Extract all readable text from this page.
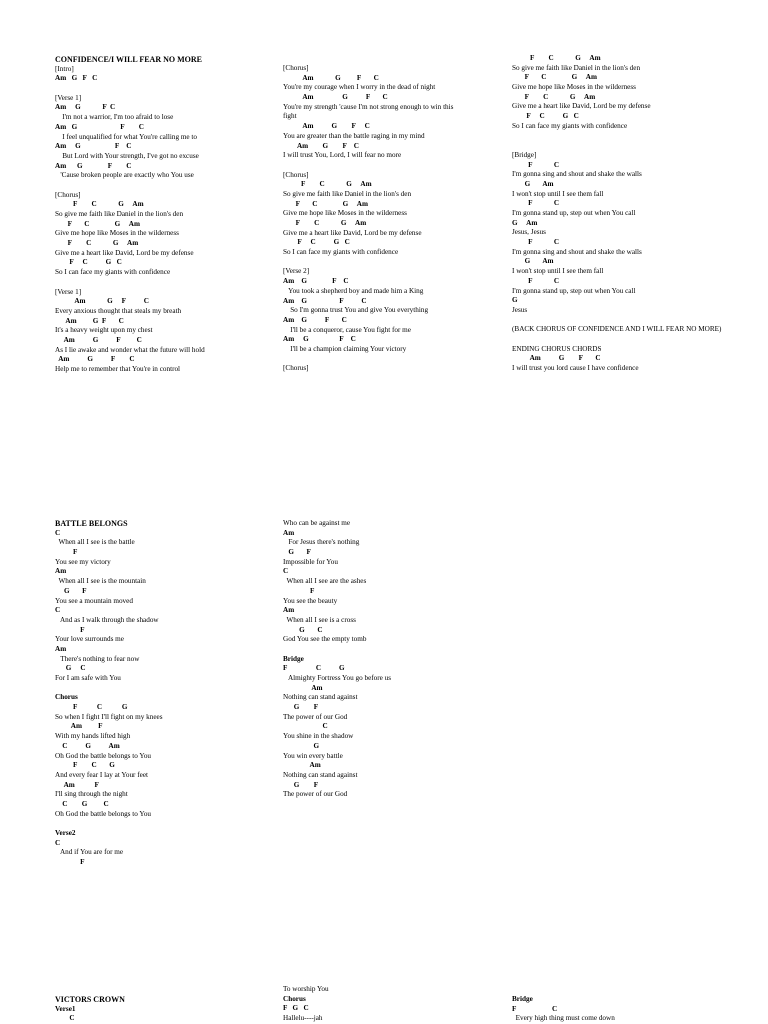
CONFIDENCE/I WILL FEAR NO MORE
[Intro]
Am   G   F   C
[Verse 1]
Am     G            F  C
I'm not a warrior, I'm too afraid to lose
Am   G                        F        C
I feel unqualified for what You're calling me to
Am     G                   F    C
But Lord with Your strength, I've got no excuse
Am      G              F        C
'Cause broken people are exactly who You use
[Chorus]
F        C            G     Am
So give me faith like Daniel in the lion's den
F       C              G     Am
Give me hope like Moses in the wilderness
F        C            G     Am
Give me a heart like David, Lord be my defense
F     C          G   C
So I can face my giants with confidence
[Verse 1]
Am            G     F          C
Every anxious thought that steals my breath
Am         G  F       C
It's a heavy weight upon my chest
Am          G          F         C
As I lie awake and wonder what the future will hold
Am          G          F        C
Help me to remember that You're in control
[Chorus]
Am            G         F       C
You're my courage when I worry in the dead of night
Am                G          F       C
You're my strength 'cause I'm not strong enough to win this
fight
Am          G        F     C
You are greater than the battle raging in my mind
Am        G        F    C
I will trust You, Lord, I will fear no more
[Chorus]
F        C            G     Am
So give me faith like Daniel in the lion's den
F       C              G     Am
Give me hope like Moses in the wilderness
F        C            G     Am
Give me a heart like David, Lord be my defense
F     C          G   C
So I can face my giants with confidence
[Verse 2]
Am    G              F    C
You took a shepherd boy and made him a King
Am    G                  F          C
So I'm gonna trust You and give You everything
Am    G          F       C
I'll be a conqueror, cause You fight for me
Am     G                 F    C
I'll be a champion claiming Your victory
[Chorus]
F        C            G     Am
So give me faith like Daniel in the lion's den
F       C              G     Am
Give me hope like Moses in the wilderness
F        C            G     Am
Give me a heart like David, Lord be my defense
F     C          G   C
So I can face my giants with confidence
[Bridge]
F            C
I'm gonna sing and shout and shake the walls
G       Am
I won't stop until I see them fall
F            C
I'm gonna stand up, step out when You call
G     Am
Jesus, Jesus
F            C
I'm gonna sing and shout and shake the walls
G       Am
I won't stop until I see them fall
F            C
I'm gonna stand up, step out when You call
G
Jesus
(BACK CHORUS OF CONFIDENCE AND I WILL FEAR NO MORE)
ENDING CHORUS CHORDS
Am          G        F       C
I will trust you lord cause I have confidence
BATTLE BELONGS
C
When all I see is the battle
F
You see my victory
Am
When all I see is the mountain
G       F
You see a mountain moved
C
And as I walk through the shadow
F
Your love surrounds me
Am
There's nothing to fear now
G     C
For I am safe with You
Chorus
F           C           G
So when I fight I'll fight on my knees
Am         F
With my hands lifted high
C          G          Am
Oh God the battle belongs to You
F        C       G
And every fear I lay at Your feet
Am           F
I'll sing through the night
C        G         C
Oh God the battle belongs to You
Verse2
C
And if You are for me
F
Who can be against me
Am
For Jesus there's nothing
G       F
Impossible for You
C
When all I see are the ashes
F
You see the beauty
Am
When all I see is a cross
G       C
God You see the empty tomb
Bridge
F                C          G
Almighty Fortress You go before us
Am
Nothing can stand against
G        F
The power of our God
C
You shine in the shadow
G
You win every battle
Am
Nothing can stand against
G        F
The power of our God
VICTORS CROWN
Verse1
C
To worship You
Chorus
F   G   C
Hallelu----jah
Bridge
F                    C
Every high thing must come down
